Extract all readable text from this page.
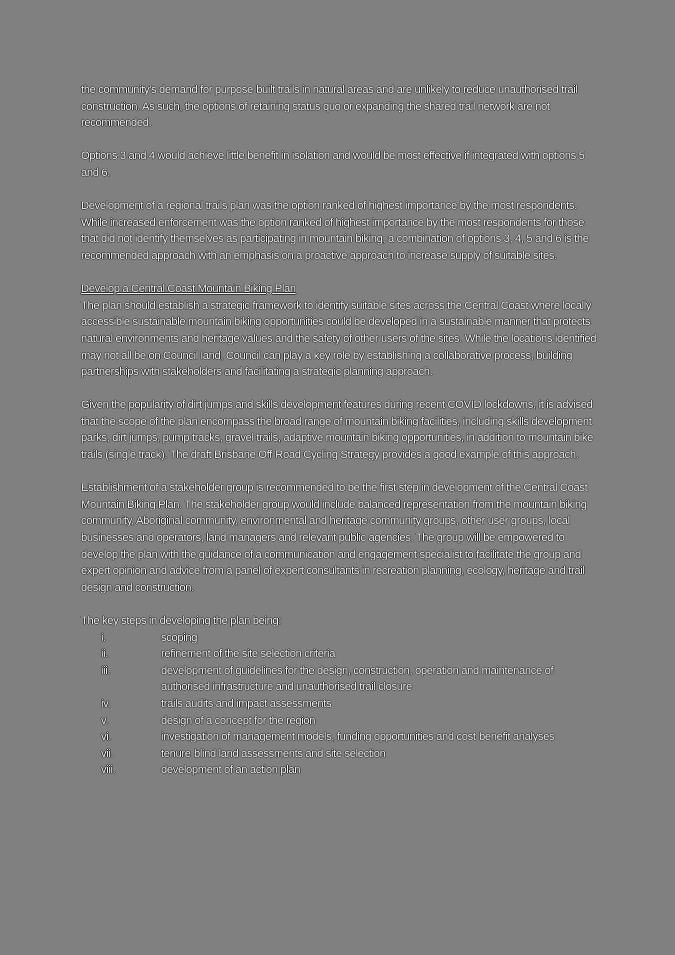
the community's demand for purpose-built trails in natural areas and are unlikely to reduce unauthorised trail construction. As such, the options of retaining status quo or expanding the shared trail network are not recommended.

Options 3 and 4 would achieve little benefit in isolation and would be most effective if integrated with options 5 and 6.

Development of a regional trails plan was the option ranked of highest importance by the most respondents. While increased enforcement was the option ranked of highest importance by the most respondents for those that did not identify themselves as participating in mountain biking, a combination of options 3, 4, 5 and 6 is the recommended approach with an emphasis on a proactive approach to increase supply of suitable sites.

Develop a Central Coast Mountain Biking Plan

The plan should establish a strategic framework to identify suitable sites across the Central Coast where locally accessible sustainable mountain biking opportunities could be developed in a sustainable manner that protects natural environments and heritage values and the safety of other users of the sites. While the locations identified may not all be on Council land, Council can play a key role by establishing a collaborative process, building partnerships with stakeholders and facilitating a strategic planning approach.

Given the popularity of dirt jumps and skills development features during recent COVID lockdowns, it is advised that the scope of the plan encompass the broad range of mountain biking facilities, including skills development parks, dirt jumps, pump tracks, gravel trails, adaptive mountain biking opportunities, in addition to mountain bike trails (single track). The draft Brisbane Off-Road Cycling Strategy provides a good example of this approach.

Establishment of a stakeholder group is recommended to be the first step in development of the Central Coast Mountain Biking Plan. The stakeholder group would include balanced representation from the mountain biking community, Aboriginal community, environmental and heritage community groups, other user groups, local businesses and operators, land managers and relevant public agencies. The group will be empowered to develop the plan with the guidance of a communication and engagement specialist to facilitate the group and expert opinion and advice from a panel of expert consultants in recreation planning, ecology, heritage and trail design and construction.

The key steps in developing the plan being:

i.	scoping
ii.	refinement of the site selection criteria
iii.	development of guidelines for the design, construction, operation and maintenance of authorised infrastructure and unauthorised trail closure
iv.	trails audits and impact assessments
v.	design of a concept for the region
vi.	investigation of management models, funding opportunities and cost-benefit analyses
vii.	tenure-blind land assessments and site selection
viii.	development of an action plan
